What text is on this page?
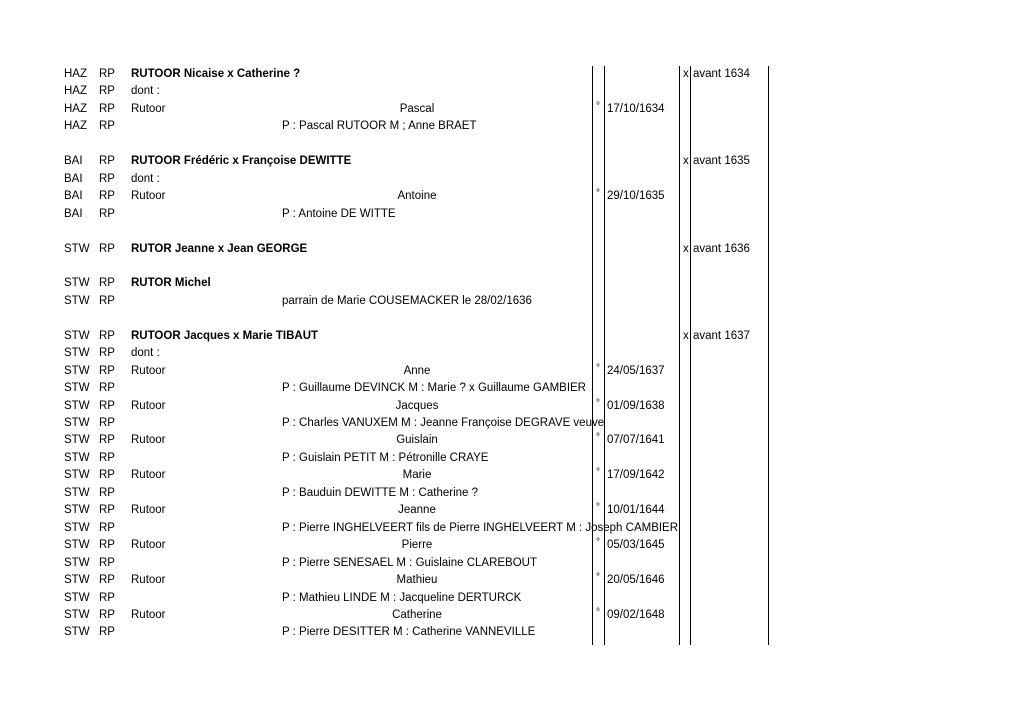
HAZ RP RUTOOR Nicaise x Catherine ?	x avant 1634
HAZ RP dont :
HAZ RP Rutoor	Pascal	° 17/10/1634
HAZ RP	P : Pascal RUTOOR M ; Anne BRAET
BAI RP RUTOOR Frédéric x Françoise DEWITTE	x avant 1635
BAI RP dont :
BAI RP Rutoor	Antoine	° 29/10/1635
BAI RP	P : Antoine DE WITTE
STW RP RUTOR Jeanne x Jean GEORGE	x avant 1636
STW RP RUTOR Michel
STW RP	parrain de Marie COUSEMACKER le 28/02/1636
STW RP RUTOOR Jacques x Marie TIBAUT	x avant 1637
STW RP dont :
STW RP Rutoor	Anne	° 24/05/1637
STW RP	P : Guillaume DEVINCK M : Marie ? x Guillaume GAMBIER
STW RP Rutoor	Jacques	° 01/09/1638
STW RP	P : Charles VANUXEM M : Jeanne Françoise DEGRAVE veuve
STW RP Rutoor	Guislain	° 07/07/1641
STW RP	P : Guislain PETIT M : Pétronille CRAYE
STW RP Rutoor	Marie	° 17/09/1642
STW RP	P : Bauduin DEWITTE M : Catherine ?
STW RP Rutoor	Jeanne	° 10/01/1644
STW RP	P : Pierre INGHELVEERT fils de Pierre INGHELVEERT M : Joseph CAMBIER
STW RP Rutoor	Pierre	° 05/03/1645
STW RP	P : Pierre SENESAEL M : Guislaine CLAREBOUT
STW RP Rutoor	Mathieu	° 20/05/1646
STW RP	P : Mathieu LINDE M : Jacqueline DERTURCK
STW RP Rutoor	Catherine	° 09/02/1648
STW RP	P : Pierre DESITTER M : Catherine VANNEVILLE
